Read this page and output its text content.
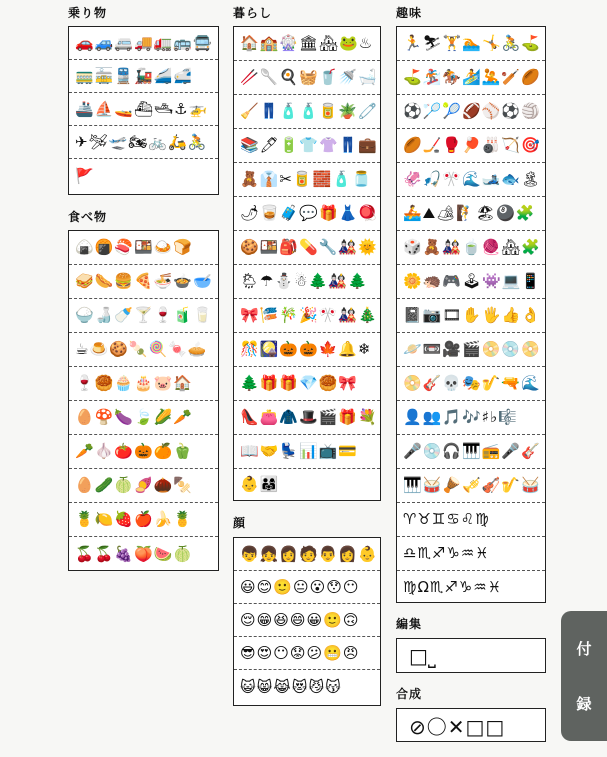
乗り物
🚗🚙🚐🚚🚛🚌🚍
🚃🚋🚆🚂🚄🚅
🚢⛵🚤⛴🛥⚓🚁
✈🛩🛫🏍🚲🛵🚴
🚩
食べ物
🍙🍘🍣🍱🍛🍞
🥪🌭🍔🍕🍜🍲🥣
🍚🍶🍼🍸🍷🧃🥛
☕🍮🍪🍡🍭🍬🥧
🍷🥮🧁🎂🐷🏠
🥚🍄🍆🍃🌽🥕
🥕🧄🍅🎃🍊🫑
🥚🥒🍈🍠🌰🍢
🍍🍋🍓🍎🍌🍍
🍒🍒🍇🍑🍉🍈
暮らし
🏠🏫🎡🏛🏘🐸♨
🥢🥄🍳🧺🥤🚿🛁
🧹👖🧴🧴🥫🪴🧷
📚🖊🔋👕👚👖💼
🧸👔✂🥫🧱🧴🫙
🌶🥃🧳💬🎁👗🪀
🍪🍱🎒💊🔧🎎🌞
🌦☂⛄☃🌲🎎🌲
🎀🎏🎋🎉🎌🎎🎄
🎊🎑🎃🎃🍁🔔❄
🌲🎁🎁💎🥮🎀
👠👛🧥🎩🎬🎁💐
📖🤝💺📊📺💳
👶👨‍👩‍👧
顔
👦👧👩🧑👨👩👶
😃😊🙂😐😮😯😶
😌😁😆😄😀🙂🙃
😎😍😶😟😕😬😠
😺😸😹😻😼😽
趣味
🏃⛷🏋🏊🤸🚴⛳
⛳🏂🏇🏄🤽🏏🏉
⚽🏸🎾🏈⚾⚽🏐
🏉🏒🥊🏓🎳🏹🎯
🦑🎣🎌🌊🎿🐟🏝
🚣⛰🏕🧗🏖🎱🧩
🎲🧸🎎🍵🧶🏘🧩
🌼🦔🎮🕹👾💻📱
📓📷🎞✋🖐👍👌
🪐📼🎥🎬📀💿📀
📀🎸💀🎭🎷🔫🌊
👤👥🎵🎶♯♭🎼
🎤💿🎧🎹📻🎤🎸
🎹🥁🪘🎺🎻🎷🥁
♈♉♊♋♌♍
♎♏♐♑♒♓
♍Ω♏♐♑♒♓
編集
□⎵
合成
⊘〇✕□□
付
録
